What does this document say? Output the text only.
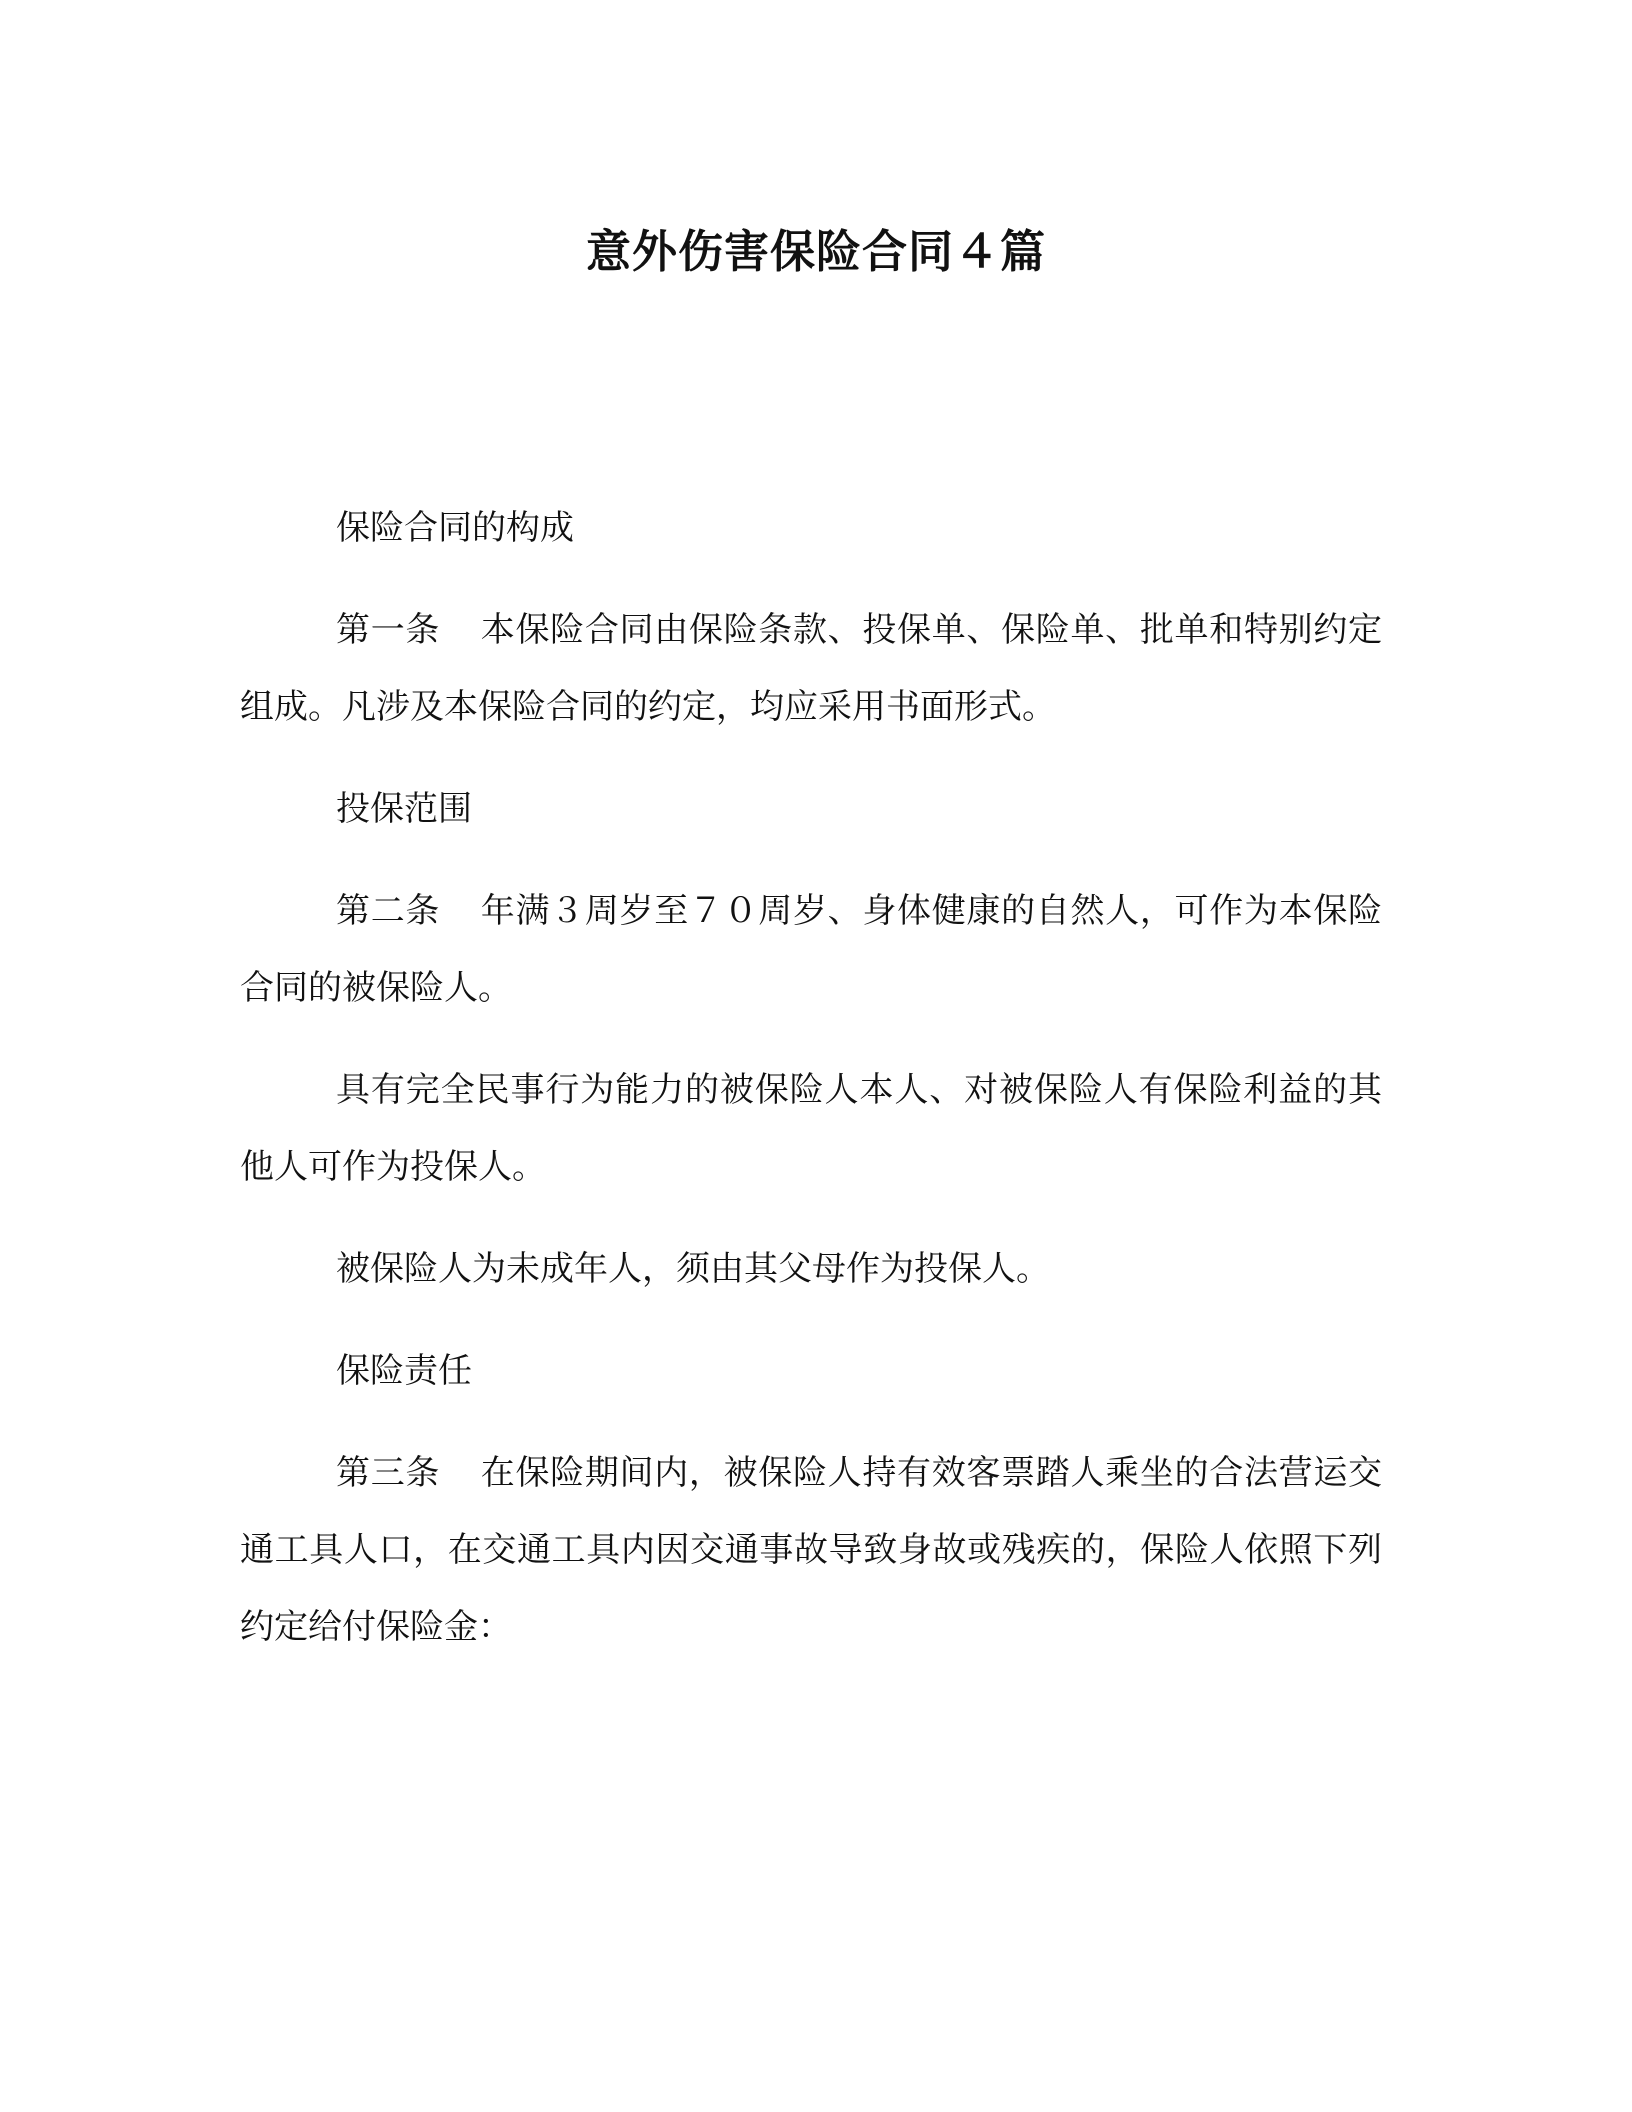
意外伤害保险合同４篇

保险合同的构成

第一条 本保险合同由保险条款、投保单、保险单、批单和特别约定组成。凡涉及本保险合同的约定，均应采用书面形式。

投保范围

第二条 年满３周岁至７０周岁、身体健康的自然人，可作为本保险合同的被保险人。

具有完全民事行为能力的被保险人本人、对被保险人有保险利益的其他人可作为投保人。

被保险人为未成年人，须由其父母作为投保人。

保险责任

第三条 在保险期间内，被保险人持有效客票踏人乘坐的合法营运交通工具人口，在交通工具内因交通事故导致身故或残疾的，保险人依照下列约定给付保险金：
